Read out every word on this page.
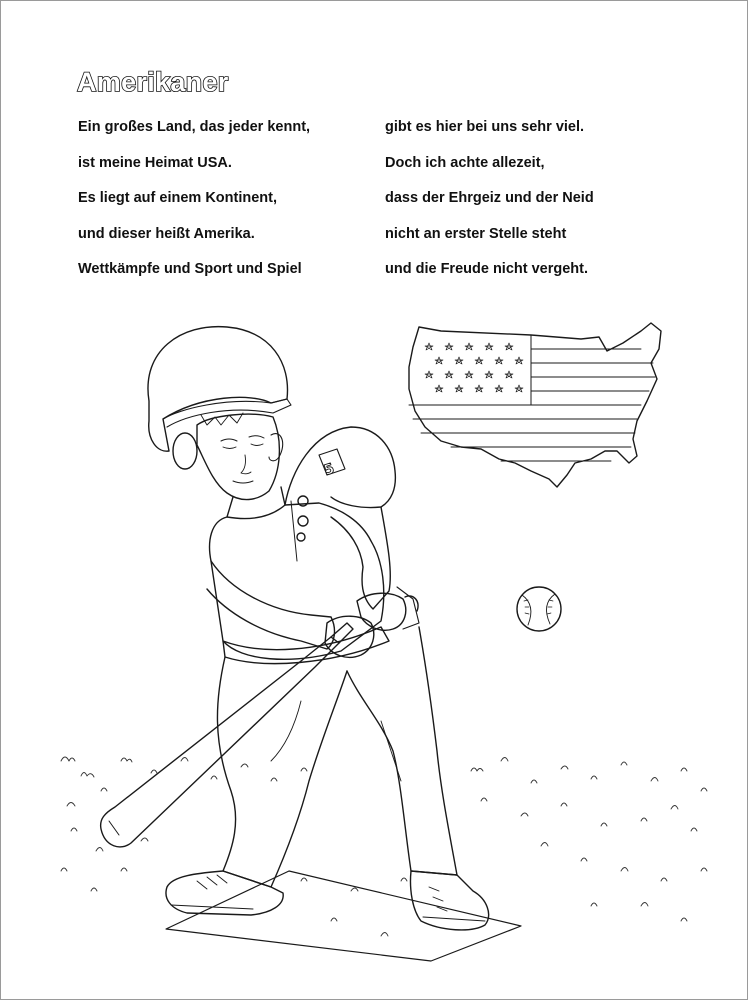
Amerikaner
Ein großes Land, das jeder kennt,
ist meine Heimat USA.
Es liegt auf einem Kontinent,
und dieser heißt Amerika.
Wettkämpfe und Sport und Spiel
gibt es hier bei uns sehr viel.
Doch ich achte allezeit,
dass der Ehrgeiz und der Neid
nicht an erster Stelle steht
und die Freude nicht vergeht.
5
